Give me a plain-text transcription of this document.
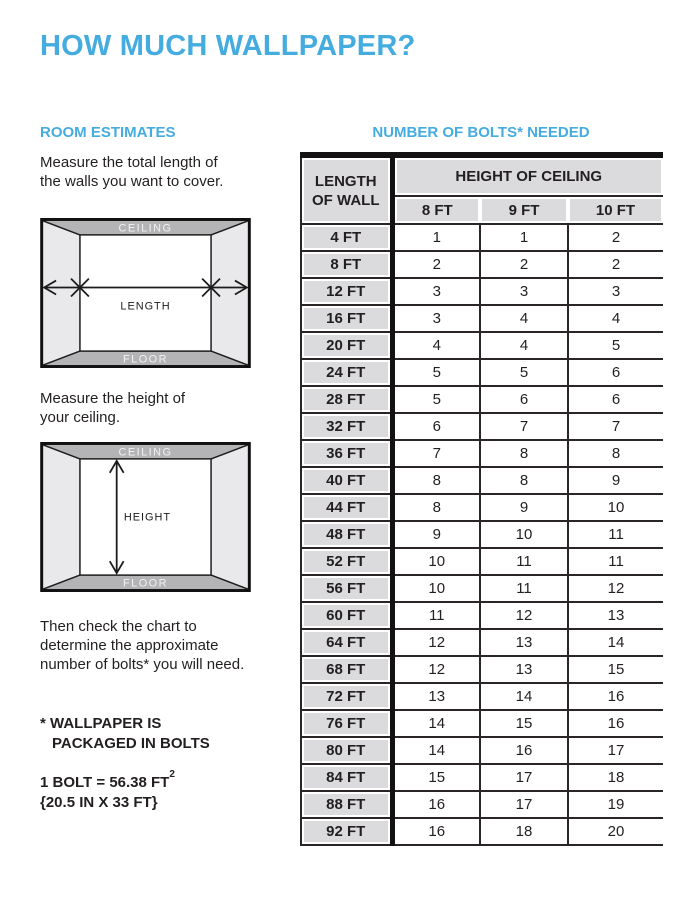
HOW MUCH WALLPAPER?

ROOM ESTIMATES

Measure the total length of
the walls you want to cover.

CEILING
FLOOR
LENGTH

Measure the height of
your ceiling.

CEILING
FLOOR
HEIGHT

Then check the chart to
determine the approximate
number of bolts* you will need.

* WALLPAPER IS
PACKAGED IN BOLTS
1 BOLT = 56.38 $FT^2$
{20.5 IN X 33 FT}

NUMBER OF BOLTS* NEEDED

LENGTH
OF WALL	HEIGHT OF CEILING		
	8 FT	9 FT	10 FT
4 FT	1	1	2
8 FT	2	2	2
12 FT	3	3	3
16 FT	3	4	4
20 FT	4	4	5
24 FT	5	5	6
28 FT	5	6	6
32 FT	6	7	7
36 FT	7	8	8
40 FT	8	8	9
44 FT	8	9	10
48 FT	9	10	11
52 FT	10	11	11
56 FT	10	11	12
60 FT	11	12	13
64 FT	12	13	14
68 FT	12	13	15
72 FT	13	14	16
76 FT	14	15	16
80 FT	14	16	17
84 FT	15	17	18
88 FT	16	17	19
92 FT	16	18	20
